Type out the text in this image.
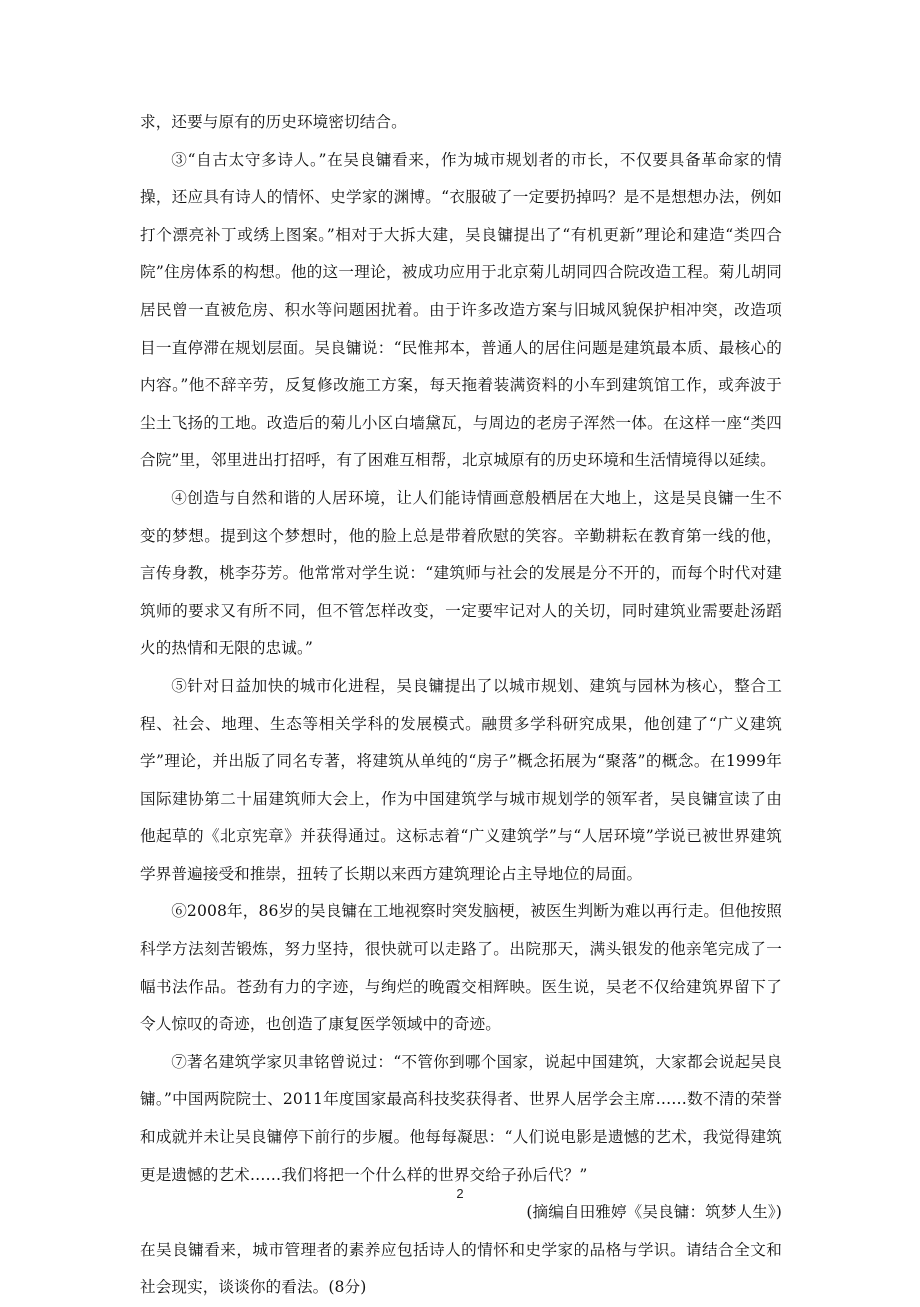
求，还要与原有的历史环境密切结合。

③“自古太守多诗人。”在吴良镛看来，作为城市规划者的市长，不仅要具备革命家的情操，还应具有诗人的情怀、史学家的渊博。“衣服破了一定要扔掉吗？是不是想想办法，例如打个漂亮补丁或绣上图案。”相对于大拆大建，吴良镛提出了“有机更新”理论和建造“类四合院”住房体系的构想。他的这一理论，被成功应用于北京菊儿胡同四合院改造工程。菊儿胡同居民曾一直被危房、积水等问题困扰着。由于许多改造方案与旧城风貌保护相冲突，改造项目一直停滞在规划层面。吴良镛说：“民惟邦本，普通人的居住问题是建筑最本质、最核心的内容。”他不辞辛劳，反复修改施工方案，每天拖着装满资料的小车到建筑馆工作，或奔波于尘土飞扬的工地。改造后的菊儿小区白墙黛瓦，与周边的老房子浑然一体。在这样一座“类四合院”里，邻里进出打招呼，有了困难互相帮，北京城原有的历史环境和生活情境得以延续。

④创造与自然和谐的人居环境，让人们能诗情画意般栖居在大地上，这是吴良镛一生不变的梦想。提到这个梦想时，他的脸上总是带着欣慰的笑容。辛勤耕耘在教育第一线的他，言传身教，桃李芬芳。他常常对学生说：“建筑师与社会的发展是分不开的，而每个时代对建筑师的要求又有所不同，但不管怎样改变，一定要牢记对人的关切，同时建筑业需要赴汤蹈火的热情和无限的忠诚。”

⑤针对日益加快的城市化进程，吴良镛提出了以城市规划、建筑与园林为核心，整合工程、社会、地理、生态等相关学科的发展模式。融贯多学科研究成果，他创建了“广义建筑学”理论，并出版了同名专著，将建筑从单纯的“房子”概念拓展为“聚落”的概念。在1999年国际建协第二十届建筑师大会上，作为中国建筑学与城市规划学的领军者，吴良镛宣读了由他起草的《北京宪章》并获得通过。这标志着“广义建筑学”与“人居环境”学说已被世界建筑学界普遍接受和推崇，扭转了长期以来西方建筑理论占主导地位的局面。

⑥2008年，86岁的吴良镛在工地视察时突发脑梗，被医生判断为难以再行走。但他按照科学方法刻苦锻炼，努力坚持，很快就可以走路了。出院那天，满头银发的他亲笔完成了一幅书法作品。苍劲有力的字迹，与绚烂的晚霞交相辉映。医生说，吴老不仅给建筑界留下了令人惊叹的奇迹，也创造了康复医学领域中的奇迹。

⑦著名建筑学家贝聿铭曾说过：“不管你到哪个国家，说起中国建筑，大家都会说起吴良镛。”中国两院院士、2011年度国家最高科技奖获得者、世界人居学会主席……数不清的荣誉和成就并未让吴良镛停下前行的步履。他每每凝思：“人们说电影是遗憾的艺术，我觉得建筑更是遗憾的艺术……我们将把一个什么样的世界交给子孙后代？”

(摘编自田雅婷《吴良镛：筑梦人生》)

在吴良镛看来，城市管理者的素养应包括诗人的情怀和史学家的品格与学识。请结合全文和社会现实，谈谈你的看法。(8分)

2
